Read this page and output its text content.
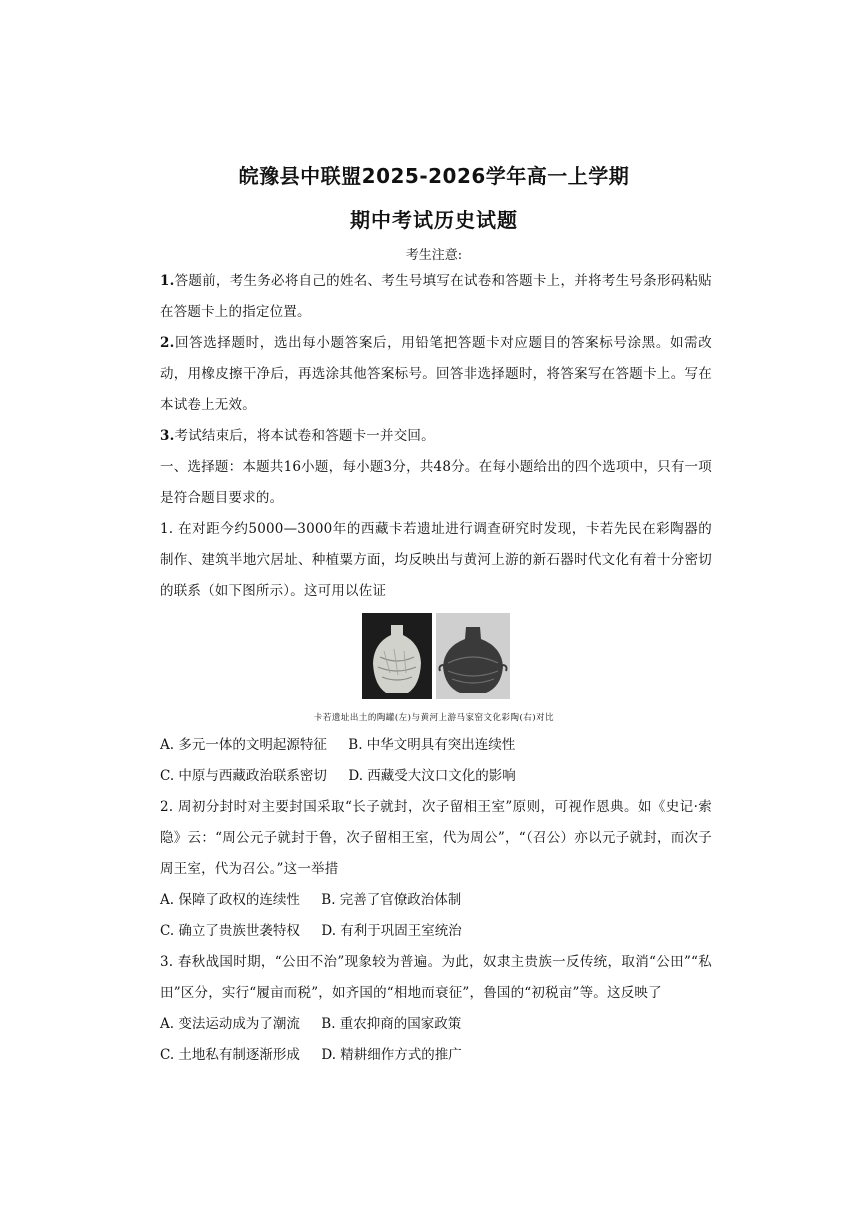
皖豫县中联盟2025-2026学年高一上学期
期中考试历史试题
考生注意:

1.答题前，考生务必将自己的姓名、考生号填写在试卷和答题卡上，并将考生号条形码粘贴在答题卡上的指定位置。

2.回答选择题时，选出每小题答案后，用铅笔把答题卡对应题目的答案标号涂黑。如需改动，用橡皮擦干净后，再选涂其他答案标号。回答非选择题时，将答案写在答题卡上。写在本试卷上无效。

3.考试结束后，将本试卷和答题卡一并交回。

一、选择题：本题共16小题，每小题3分，共48分。在每小题给出的四个选项中，只有一项是符合题目要求的。

1. 在对距今约5000—3000年的西藏卡若遗址进行调查研究时发现，卡若先民在彩陶器的制作、建筑半地穴居址、种植粟方面，均反映出与黄河上游的新石器时代文化有着十分密切的联系（如下图所示）。这可用以佐证

卡若遗址出土的陶罐(左)与黄河上游马家窑文化彩陶(右)对比
A. 多元一体的文明起源特征     B. 中华文明具有突出连续性
C. 中原与西藏政治联系密切     D. 西藏受大汶口文化的影响

2. 周初分封时对主要封国采取“长子就封，次子留相王室”原则，可视作恩典。如《史记·索隐》云：“周公元子就封于鲁，次子留相王室，代为周公”，“（召公）亦以元子就封，而次子周王室，代为召公。”这一举措

A. 保障了政权的连续性     B. 完善了官僚政治体制
C. 确立了贵族世袭特权     D. 有利于巩固王室统治

3. 春秋战国时期，“公田不治”现象较为普遍。为此，奴隶主贵族一反传统，取消“公田”“私田”区分，实行“履亩而税”，如齐国的“相地而衰征”，鲁国的“初税亩”等。这反映了

A. 变法运动成为了潮流     B. 重农抑商的国家政策
C. 土地私有制逐渐形成     D. 精耕细作方式的推广
